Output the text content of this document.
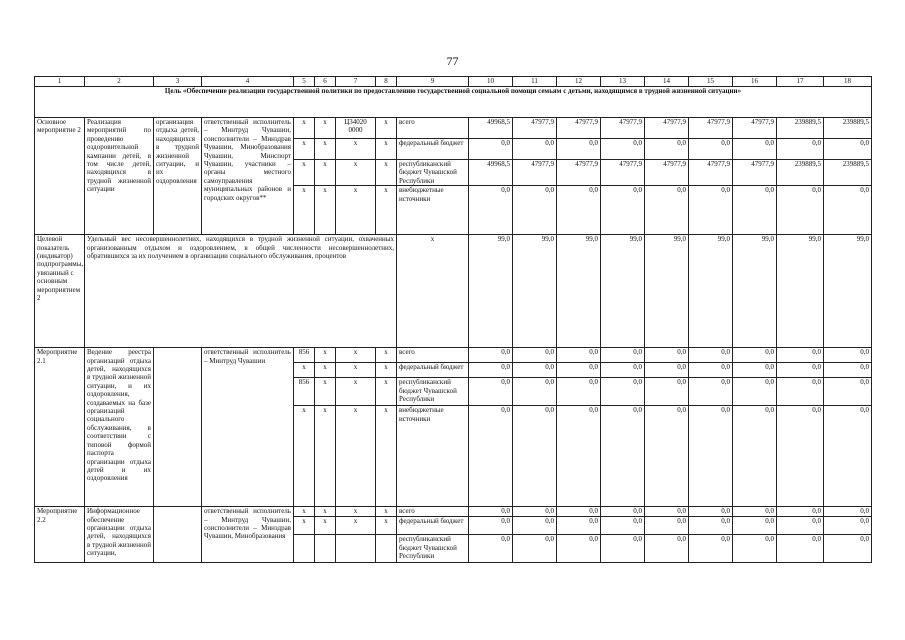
77
1	2	3	4	5	6	7	8	9	10	11	12	13	14	15	16	17	18
Цель «Обеспечение реализации государственной политики по предоставлению государственной социальной помощи семьям с детьми, находящимся в трудной жизненной ситуации»																	
Основное мероприятие 2	Реализация мероприятий по проведению оздоровительной кампании детей, в том числе детей, находящихся в трудной жизненной ситуации	организация отдыха детей, находящихся в трудной жизненной ситуации, и их оздоровления	ответственный исполнитель – Минтруд Чувашии, соисполнители – Минздрав Чувашии, Минобразования Чувашии, Минспорт Чувашии, участники – органы местного самоуправления муниципальных районов и городских округов**	x	x	Ц34020 0000	x	всего	49968,5	47977,9	47977,9	47977,9	47977,9	47977,9	47977,9	239889,5	239889,5
				x	x	x	x	федеральный бюджет	0,0	0,0	0,0	0,0	0,0	0,0	0,0	0,0	0,0
				x	x	x	x	республиканский бюджет Чувашской Республики	49968,5	47977,9	47977,9	47977,9	47977,9	47977,9	47977,9	239889,5	239889,5
				x	x	x	x	внебюджетные источники	0,0	0,0	0,0	0,0	0,0	0,0	0,0	0,0	0,0
Целевой показатель (индикатор) подпрограммы, увязанный с основным мероприятием 2	Удельный вес несовершеннолетних, находящихся в трудной жизненной ситуации, охваченных организованным отдыхом и оздоровлением, в общей численности несовершеннолетних, обратившихся за их получением в организации социального обслуживания, процентов							x	99,0	99,0	99,0	99,0	99,0	99,0	99,0	99,0	99,0
Мероприятие 2.1	Ведение реестра организаций отдыха детей, находящихся в трудной жизненной ситуации, и их оздоровления, создаваемых на базе организаций социального обслуживания, в соответствии с типовой формой паспорта организации отдыха детей и их оздоровления		ответственный исполнитель – Минтруд Чувашии	856	x	x	x	всего	0,0	0,0	0,0	0,0	0,0	0,0	0,0	0,0	0,0
				x	x	x	x	федеральный бюджет	0,0	0,0	0,0	0,0	0,0	0,0	0,0	0,0	0,0
				856	x	x	x	республиканский бюджет Чувашской Республики	0,0	0,0	0,0	0,0	0,0	0,0	0,0	0,0	0,0
				x	x	x	x	внебюджетные источники	0,0	0,0	0,0	0,0	0,0	0,0	0,0	0,0	0,0
Мероприятие 2.2	Информационное обеспечение организации отдыха детей, находящихся в трудной жизненной ситуации,		ответственный исполнитель – Минтруд Чувашии, соисполнители – Минздрав Чувашии, Минобразования	x	x	x	x	всего	0,0	0,0	0,0	0,0	0,0	0,0	0,0	0,0	0,0
				x	x	x	x	федеральный бюджет	0,0	0,0	0,0	0,0	0,0	0,0	0,0	0,0	0,0
								республиканский бюджет Чувашской Республики	0,0	0,0	0,0	0,0	0,0	0,0	0,0	0,0	0,0
